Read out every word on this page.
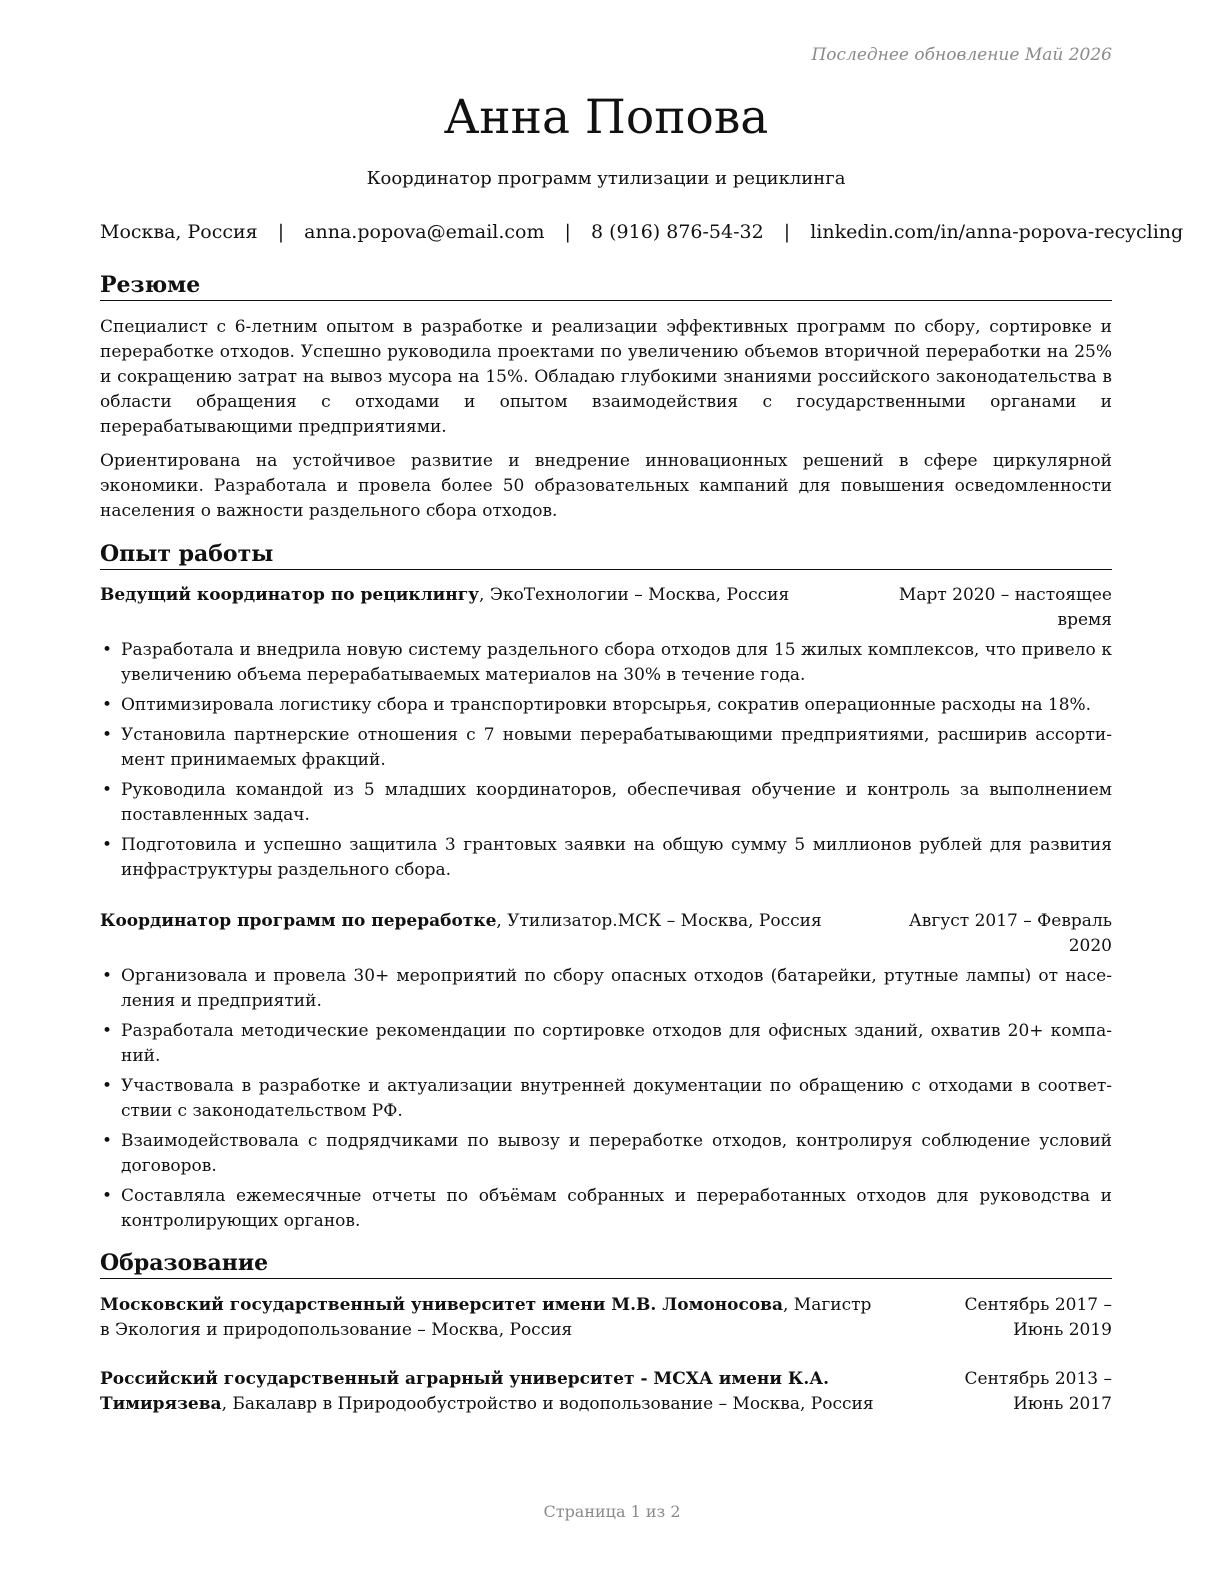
Последнее обновление Май 2026
Анна Попова
Координатор программ утилизации и рециклинга
Москва, Россия | anna.popova@email.com | 8 (916) 876-54-32 | linkedin.com/in/anna-popova-recycling
Резюме
Специалист с 6-летним опытом в разработке и реализации эффективных программ по сбору, сортировке и переработке отходов. Успешно руководила проектами по увеличению объемов вторичной переработки на 25% и сокращению затрат на вывоз мусора на 15%. Обладаю глубокими знаниями российского законодательства в области обращения с отходами и опытом взаимодействия с государственными органами и перерабатывающими предприятиями.
Ориентирована на устойчивое развитие и внедрение инновационных решений в сфере циркулярной экономики. Разработала и провела более 50 образовательных кампаний для повышения осведомленности населения о важности раздельного сбора отходов.
Опыт работы
Ведущий координатор по рециклингу, ЭкоТехнологии – Москва, Россия	Март 2020 – настоящее время
• Разработала и внедрила новую систему раздельного сбора отходов для 15 жилых комплексов, что привело к увеличению объема перерабатываемых материалов на 30% в течение года.
• Оптимизировала логистику сбора и транспортировки вторсырья, сократив операционные расходы на 18%.
• Установила партнерские отношения с 7 новыми перерабатывающими предприятиями, расширив ассортимент принимаемых фракций.
• Руководила командой из 5 младших координаторов, обеспечивая обучение и контроль за выполнением поставленных задач.
• Подготовила и успешно защитила 3 грантовых заявки на общую сумму 5 миллионов рублей для развития инфраструктуры раздельного сбора.
Координатор программ по переработке, Утилизатор.МСК – Москва, Россия	Август 2017 – Февраль 2020
• Организовала и провела 30+ мероприятий по сбору опасных отходов (батарейки, ртутные лампы) от населения и предприятий.
• Разработала методические рекомендации по сортировке отходов для офисных зданий, охватив 20+ компаний.
• Участвовала в разработке и актуализации внутренней документации по обращению с отходами в соответствии с законодательством РФ.
• Взаимодействовала с подрядчиками по вывозу и переработке отходов, контролируя соблюдение условий договоров.
• Составляла ежемесячные отчеты по объёмам собранных и переработанных отходов для руководства и контролирующих органов.
Образование
Московский государственный университет имени М.В. Ломоносова, Магистр в Экология и природопользование – Москва, Россия
Сентябрь 2017 – Июнь 2019
Российский государственный аграрный университет - МСХА имени К.А. Тимирязева, Бакалавр в Природообустройство и водопользование – Москва, Россия
Сентябрь 2013 – Июнь 2017
Страница 1 из 2
